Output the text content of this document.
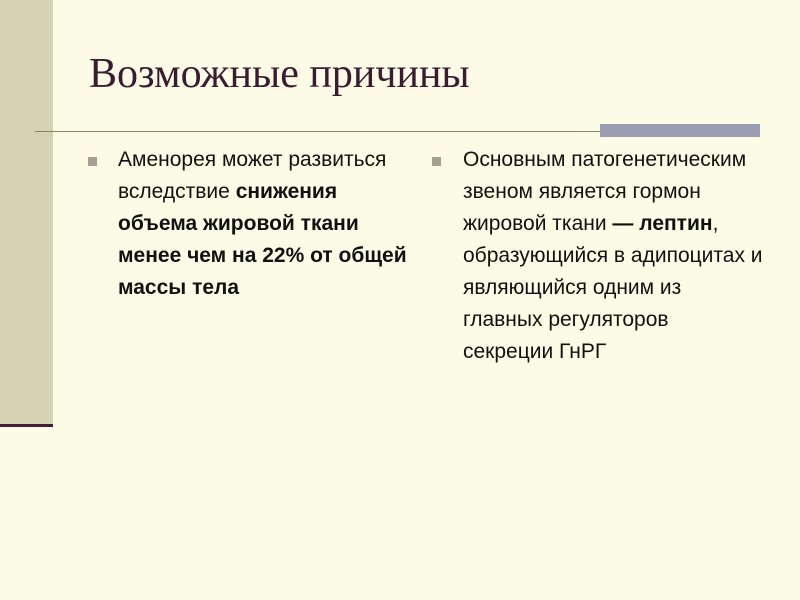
Возможные причины
Аменорея может развиться вследствие снижения объема жировой ткани менее чем на 22% от общей массы тела
Основным патогенетическим звеном является гормон жировой ткани — лептин, образующийся в адипоцитах и являющийся одним из главных регуляторов секреции ГнРГ
